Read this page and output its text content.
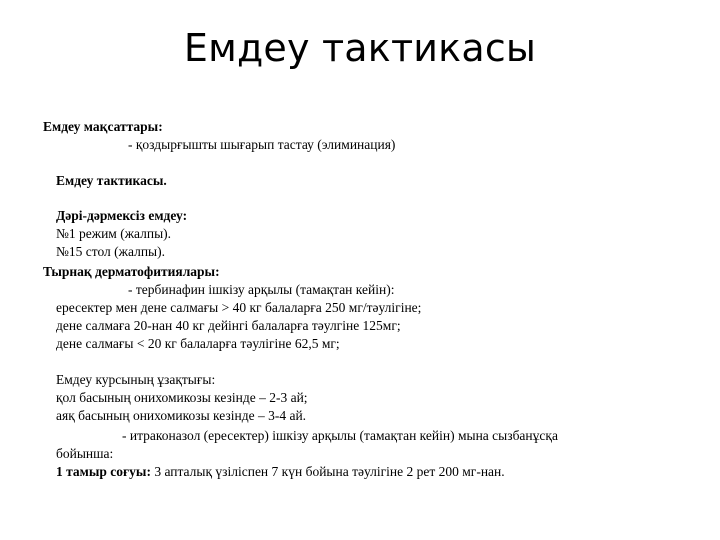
Емдеу тактикасы
Емдеу мақсаттары:
- қоздырғышты шығарып тастау (элиминация)
Емдеу тактикасы.
Дәрі-дәрмексіз емдеу:
№1 режим (жалпы).
№15 стол (жалпы).
Тырнақ дерматофитиялары:
- тербинафин ішкізу арқылы (тамақтан кейін):
ересектер мен дене салмағы > 40 кг балаларға 250 мг/тәулігіне;
дене салмаға 20-нан 40 кг дейінгі балаларға тәулгіне 125мг;
дене салмағы < 20 кг балаларға тәулігіне 62,5 мг;
Емдеу курсының ұзақтығы:
қол басының онихомикозы кезінде – 2-3 ай;
аяқ басының онихомикозы кезінде – 3-4 ай.
- итраконазол (ересектер) ішкізу арқылы (тамақтан кейін) мына сызбанұсқа
бойынша:
1 тамыр соғуы: 3 апталық үзіліспен 7 күн бойына тәулігіне 2 рет 200 мг-нан.
